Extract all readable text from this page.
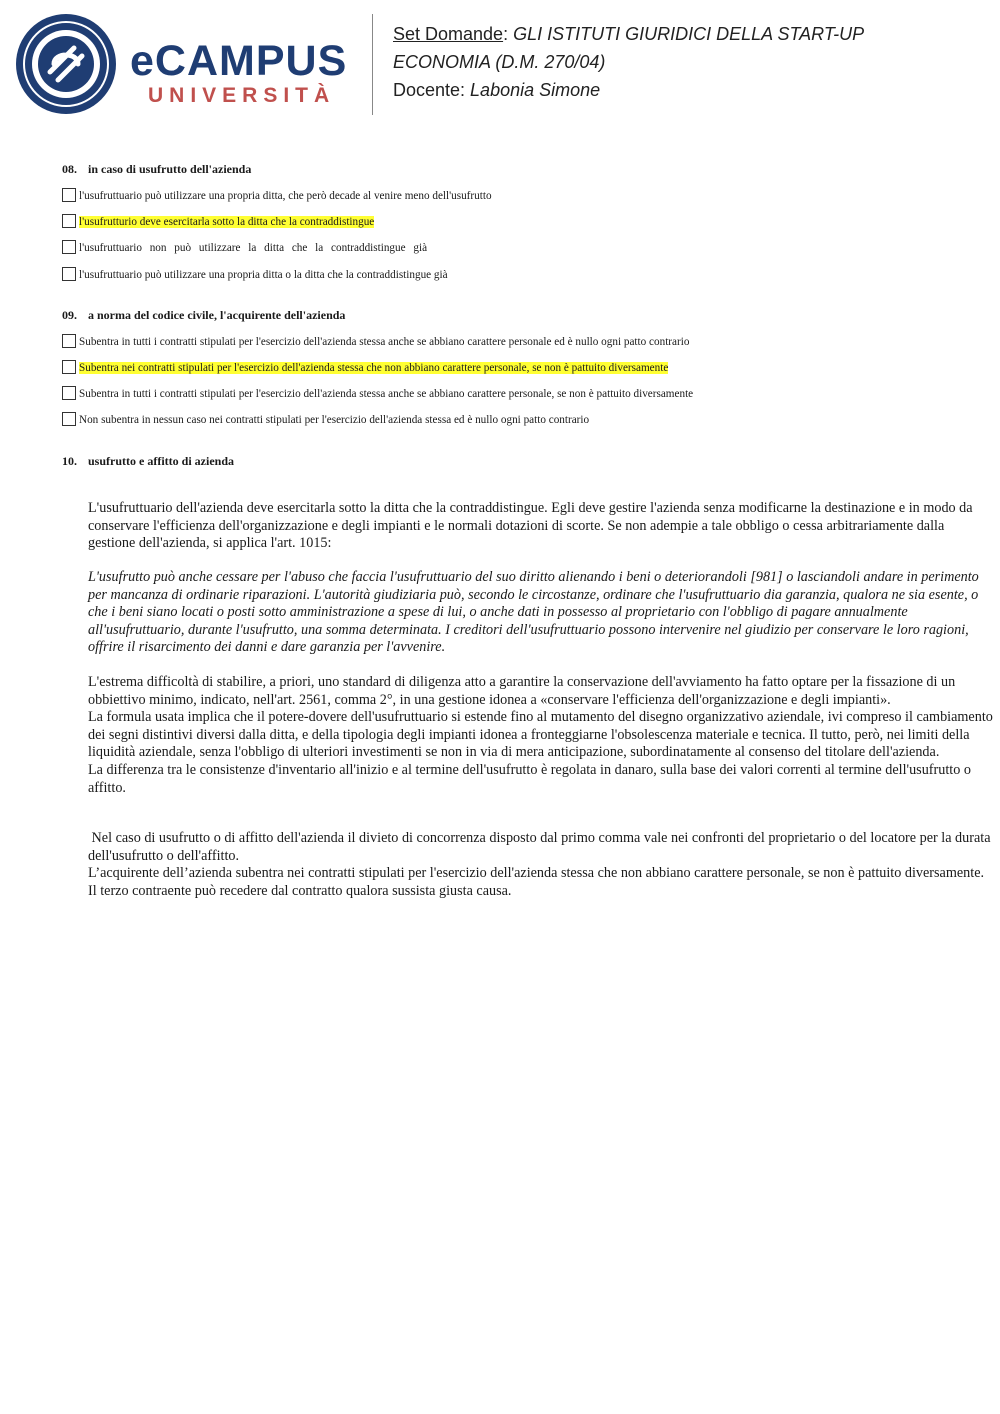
eCAMPUS
UNIVERSITÀ
Set Domande: GLI ISTITUTI GIURIDICI DELLA START-UP
ECONOMIA (D.M. 270/04)
Docente: Labonia Simone
08. in caso di usufrutto dell'azienda
l'usufruttuario può utilizzare una propria ditta, che però decade al venire meno dell'usufrutto
l'usufrutturio deve esercitarla sotto la ditta che la contraddistingue
l'usufruttuario non può utilizzare la ditta che la contraddistingue già
l'usufruttuario può utilizzare una propria ditta o la ditta che la contraddistingue già
09. a norma del codice civile, l'acquirente dell'azienda
Subentra in tutti i contratti stipulati per l'esercizio dell'azienda stessa anche se abbiano carattere personale ed è nullo ogni patto contrario
Subentra nei contratti stipulati per l'esercizio dell'azienda stessa che non abbiano carattere personale, se non è pattuito diversamente
Subentra in tutti i contratti stipulati per l'esercizio dell'azienda stessa anche se abbiano carattere personale, se non è pattuito diversamente
Non subentra in nessun caso nei contratti stipulati per l'esercizio dell'azienda stessa ed è nullo ogni patto contrario
10. usufrutto e affitto di azienda

L'usufruttuario dell'azienda deve esercitarla sotto la ditta che la contraddistingue. Egli deve gestire l'azienda senza modificarne la destinazione e in modo da conservare l'efficienza dell'organizzazione e degli impianti e le normali dotazioni di scorte. Se non adempie a tale obbligo o cessa arbitrariamente dalla gestione dell'azienda, si applica l'art. 1015:

L'usufrutto può anche cessare per l'abuso che faccia l'usufruttuario del suo diritto alienando i beni o deteriorandoli [981] o lasciandoli andare in perimento per mancanza di ordinarie riparazioni. L'autorità giudiziaria può, secondo le circostanze, ordinare che l'usufruttuario dia garanzia, qualora ne sia esente, o che i beni siano locati o posti sotto amministrazione a spese di lui, o anche dati in possesso al proprietario con l'obbligo di pagare annualmente all'usufruttuario, durante l'usufrutto, una somma determinata. I creditori dell'usufruttuario possono intervenire nel giudizio per conservare le loro ragioni, offrire il risarcimento dei danni e dare garanzia per l'avvenire.

L'estrema difficoltà di stabilire, a priori, uno standard di diligenza atto a garantire la conservazione dell'avviamento ha fatto optare per la fissazione di un obbiettivo minimo, indicato, nell'art. 2561, comma 2°, in una gestione idonea a «conservare l'efficienza dell'organizzazione e degli impianti».

La formula usata implica che il potere-dovere dell'usufruttuario si estende fino al mutamento del disegno organizzativo aziendale, ivi compreso il cambiamento dei segni distintivi diversi dalla ditta, e della tipologia degli impianti idonea a fronteggiarne l'obsolescenza materiale e tecnica. Il tutto, però, nei limiti della liquidità aziendale, senza l'obbligo di ulteriori investimenti se non in via di mera anticipazione, subordinatamente al consenso del titolare dell'azienda.

La differenza tra le consistenze d'inventario all'inizio e al termine dell'usufrutto è regolata in danaro, sulla base dei valori correnti al termine dell'usufrutto o affitto.

Nel caso di usufrutto o di affitto dell'azienda il divieto di concorrenza disposto dal primo comma vale nei confronti del proprietario o del locatore per la durata dell'usufrutto o dell'affitto.

L’acquirente dell’azienda subentra nei contratti stipulati per l'esercizio dell'azienda stessa che non abbiano carattere personale, se non è pattuito diversamente. Il terzo contraente può recedere dal contratto qualora sussista giusta causa.
